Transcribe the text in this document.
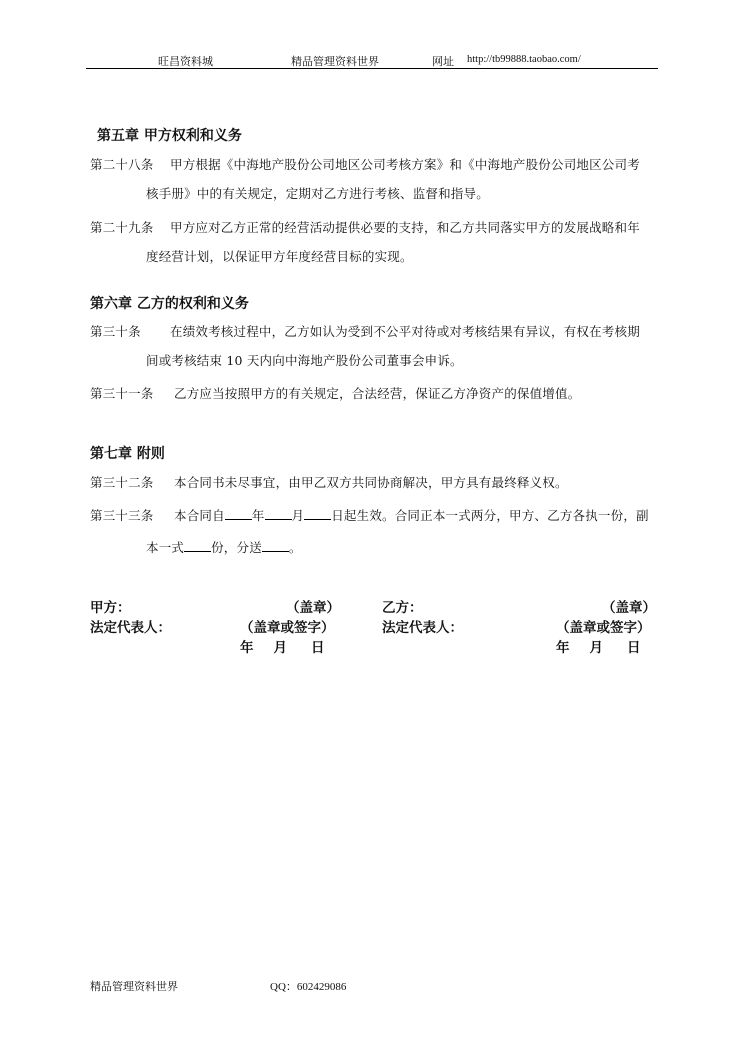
旺昌资料城	精品管理资料世界	网址 http://tb99888.taobao.com/
第五章 甲方权利和义务
第二十八条 甲方根据《中海地产股份公司地区公司考核方案》和《中海地产股份公司地区公司考
核手册》中的有关规定，定期对乙方进行考核、监督和指导。
第二十九条 甲方应对乙方正常的经营活动提供必要的支持，和乙方共同落实甲方的发展战略和年
度经营计划，以保证甲方年度经营目标的实现。
第六章 乙方的权利和义务
第三十条 在绩效考核过程中，乙方如认为受到不公平对待或对考核结果有异议，有权在考核期
间或考核结束 10 天内向中海地产股份公司董事会申诉。
第三十一条 乙方应当按照甲方的有关规定，合法经营，保证乙方净资产的保值增值。
第七章 附则
第三十二条 本合同书未尽事宜，由甲乙双方共同协商解决，甲方具有最终释义权。
第三十三条 本合同自 年 月 日起生效。合同正本一式两分，甲方、乙方各执一份，副
本一式 份，分送 。
甲方：	（盖章）
法定代表人：	（盖章或签字）
年 月 日
乙方：	（盖章）
法定代表人：	（盖章或签字）
年 月 日
精品管理资料世界	QQ：602429086
